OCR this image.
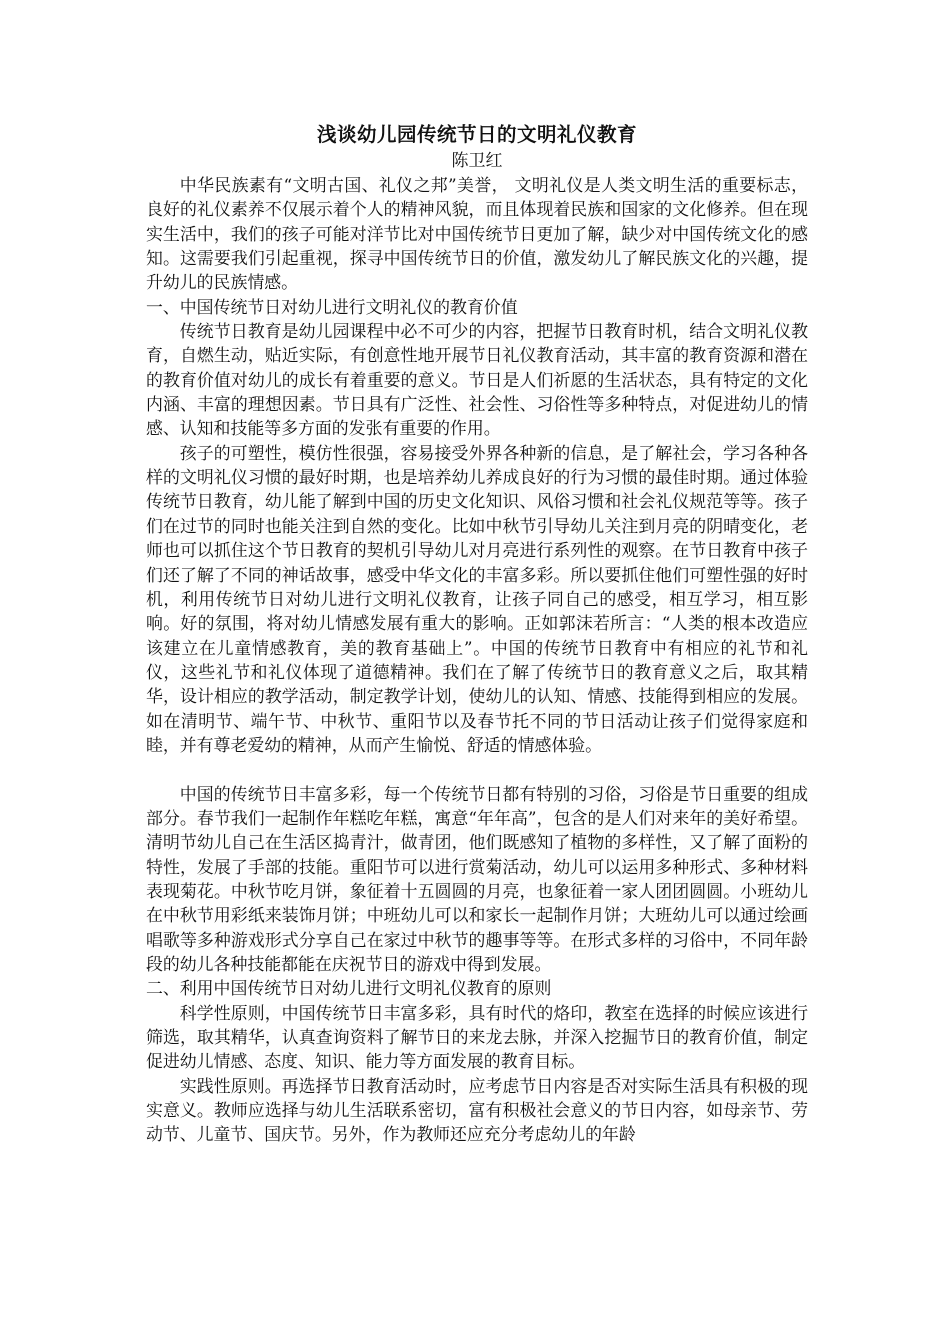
浅谈幼儿园传统节日的文明礼仪教育

陈卫红

中华民族素有“文明古国、礼仪之邦”美誉， 文明礼仪是人类文明生活的重要标志，良好的礼仪素养不仅展示着个人的精神风貌，而且体现着民族和国家的文化修养。但在现实生活中，我们的孩子可能对洋节比对中国传统节日更加了解，缺少对中国传统文化的感知。这需要我们引起重视，探寻中国传统节日的价值，激发幼儿了解民族文化的兴趣，提升幼儿的民族情感。

一、中国传统节日对幼儿进行文明礼仪的教育价值

传统节日教育是幼儿园课程中必不可少的内容，把握节日教育时机，结合文明礼仪教育，自燃生动，贴近实际，有创意性地开展节日礼仪教育活动，其丰富的教育资源和潜在的教育价值对幼儿的成长有着重要的意义。节日是人们祈愿的生活状态，具有特定的文化内涵、丰富的理想因素。节日具有广泛性、社会性、习俗性等多种特点，对促进幼儿的情感、认知和技能等多方面的发张有重要的作用。

孩子的可塑性，模仿性很强，容易接受外界各种新的信息，是了解社会，学习各种各样的文明礼仪习惯的最好时期，也是培养幼儿养成良好的行为习惯的最佳时期。通过体验传统节日教育，幼儿能了解到中国的历史文化知识、风俗习惯和社会礼仪规范等等。孩子们在过节的同时也能关注到自然的变化。比如中秋节引导幼儿关注到月亮的阴晴变化，老师也可以抓住这个节日教育的契机引导幼儿对月亮进行系列性的观察。在节日教育中孩子们还了解了不同的神话故事，感受中华文化的丰富多彩。所以要抓住他们可塑性强的好时机，利用传统节日对幼儿进行文明礼仪教育，让孩子同自己的感受，相互学习，相互影响。好的氛围，将对幼儿情感发展有重大的影响。正如郭沫若所言：“人类的根本改造应该建立在儿童情感教育，美的教育基础上”。中国的传统节日教育中有相应的礼节和礼仪，这些礼节和礼仪体现了道德精神。我们在了解了传统节日的教育意义之后，取其精华，设计相应的教学活动，制定教学计划，使幼儿的认知、情感、技能得到相应的发展。如在清明节、端午节、中秋节、重阳节以及春节托不同的节日活动让孩子们觉得家庭和睦，并有尊老爱幼的精神，从而产生愉悦、舒适的情感体验。

中国的传统节日丰富多彩，每一个传统节日都有特别的习俗，习俗是节日重要的组成部分。春节我们一起制作年糕吃年糕，寓意“年年高”，包含的是人们对来年的美好希望。清明节幼儿自己在生活区捣青汁，做青团，他们既感知了植物的多样性，又了解了面粉的特性，发展了手部的技能。重阳节可以进行赏菊活动，幼儿可以运用多种形式、多种材料表现菊花。中秋节吃月饼，象征着十五圆圆的月亮，也象征着一家人团团圆圆。小班幼儿在中秋节用彩纸来装饰月饼；中班幼儿可以和家长一起制作月饼；大班幼儿可以通过绘画唱歌等多种游戏形式分享自己在家过中秋节的趣事等等。在形式多样的习俗中，不同年龄段的幼儿各种技能都能在庆祝节日的游戏中得到发展。

二、利用中国传统节日对幼儿进行文明礼仪教育的原则

科学性原则，中国传统节日丰富多彩，具有时代的烙印，教室在选择的时候应该进行筛选，取其精华，认真查询资料了解节日的来龙去脉，并深入挖掘节日的教育价值，制定促进幼儿情感、态度、知识、能力等方面发展的教育目标。

实践性原则。再选择节日教育活动时，应考虑节日内容是否对实际生活具有积极的现实意义。教师应选择与幼儿生活联系密切，富有积极社会意义的节日内容，如母亲节、劳动节、儿童节、国庆节。另外，作为教师还应充分考虑幼儿的年龄
